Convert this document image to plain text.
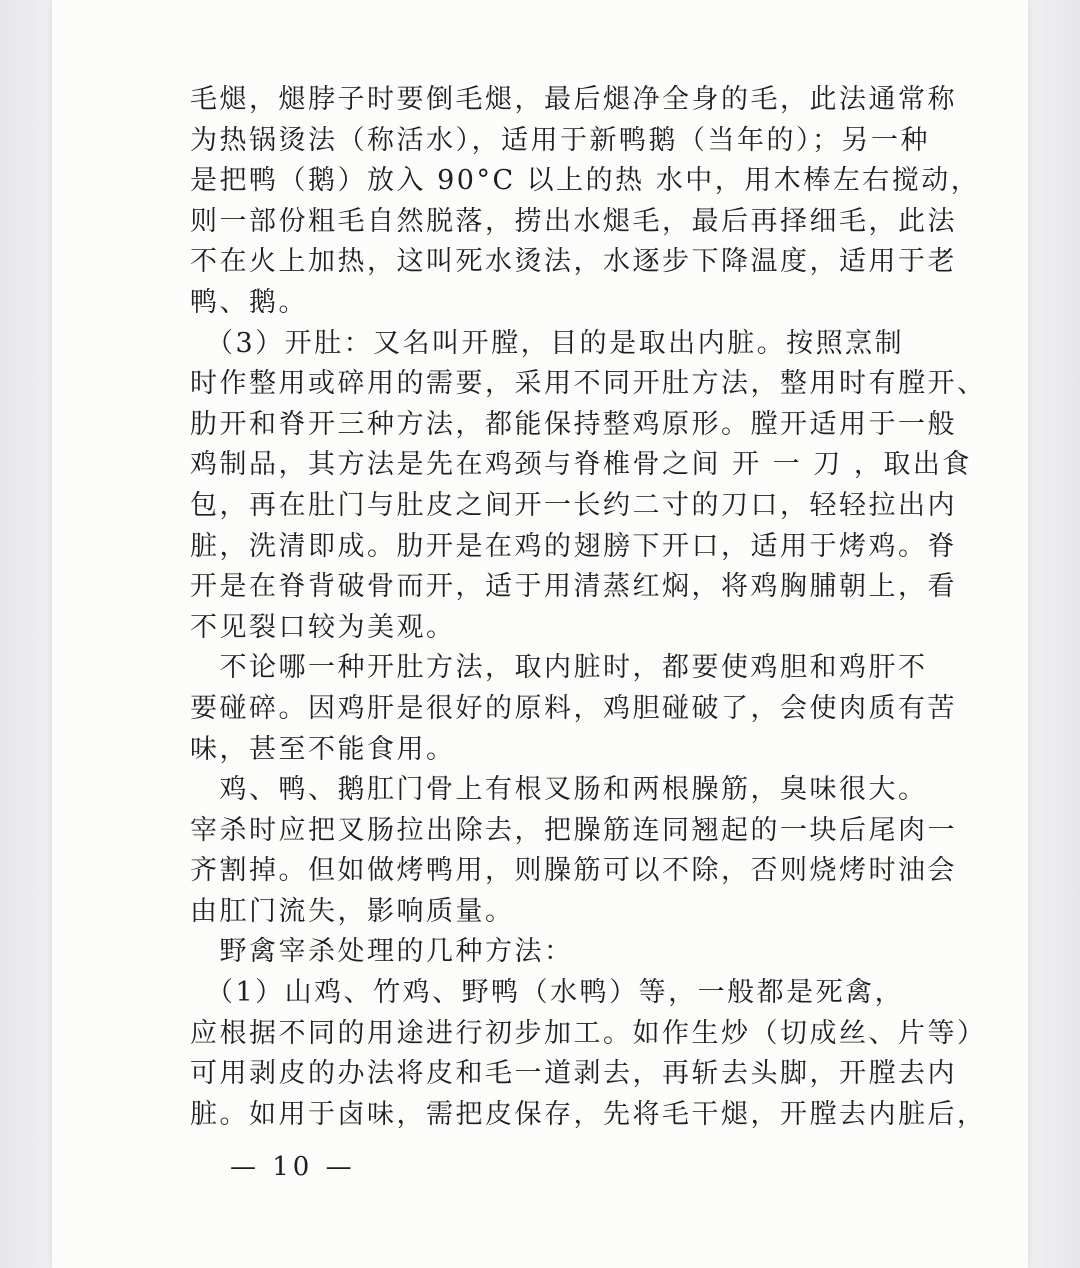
毛煺，煺脖子时要倒毛煺，最后煺净全身的毛，此法通常称
为热锅烫法（称活水），适用于新鸭鹅（当年的）；另一种
是把鸭（鹅）放入 90°C 以上的热 水中，用木棒左右搅动，
则一部份粗毛自然脱落，捞出水煺毛，最后再择细毛，此法
不在火上加热，这叫死水烫法，水逐步下降温度，适用于老
鸭、鹅。
　（3）开肚：又名叫开膛，目的是取出内脏。按照烹制
时作整用或碎用的需要，采用不同开肚方法，整用时有膛开、
肋开和脊开三种方法，都能保持整鸡原形。膛开适用于一般
鸡制品，其方法是先在鸡颈与脊椎骨之间 开 一 刀 ，取出食
包，再在肚门与肚皮之间开一长约二寸的刀口，轻轻拉出内
脏，洗清即成。肋开是在鸡的翅膀下开口，适用于烤鸡。脊
开是在脊背破骨而开，适于用清蒸红焖，将鸡胸脯朝上，看
不见裂口较为美观。
　不论哪一种开肚方法，取内脏时，都要使鸡胆和鸡肝不
要碰碎。因鸡肝是很好的原料，鸡胆碰破了，会使肉质有苦
味，甚至不能食用。
　鸡、鸭、鹅肛门骨上有根叉肠和两根臊筋，臭味很大。
宰杀时应把叉肠拉出除去，把臊筋连同翘起的一块后尾肉一
齐割掉。但如做烤鸭用，则臊筋可以不除，否则烧烤时油会
由肛门流失，影响质量。
　野禽宰杀处理的几种方法：
　（1）山鸡、竹鸡、野鸭（水鸭）等，一般都是死禽，
应根据不同的用途进行初步加工。如作生炒（切成丝、片等）
可用剥皮的办法将皮和毛一道剥去，再斩去头脚，开膛去内
脏。如用于卤味，需把皮保存，先将毛干煺，开膛去内脏后，
— 10 —
